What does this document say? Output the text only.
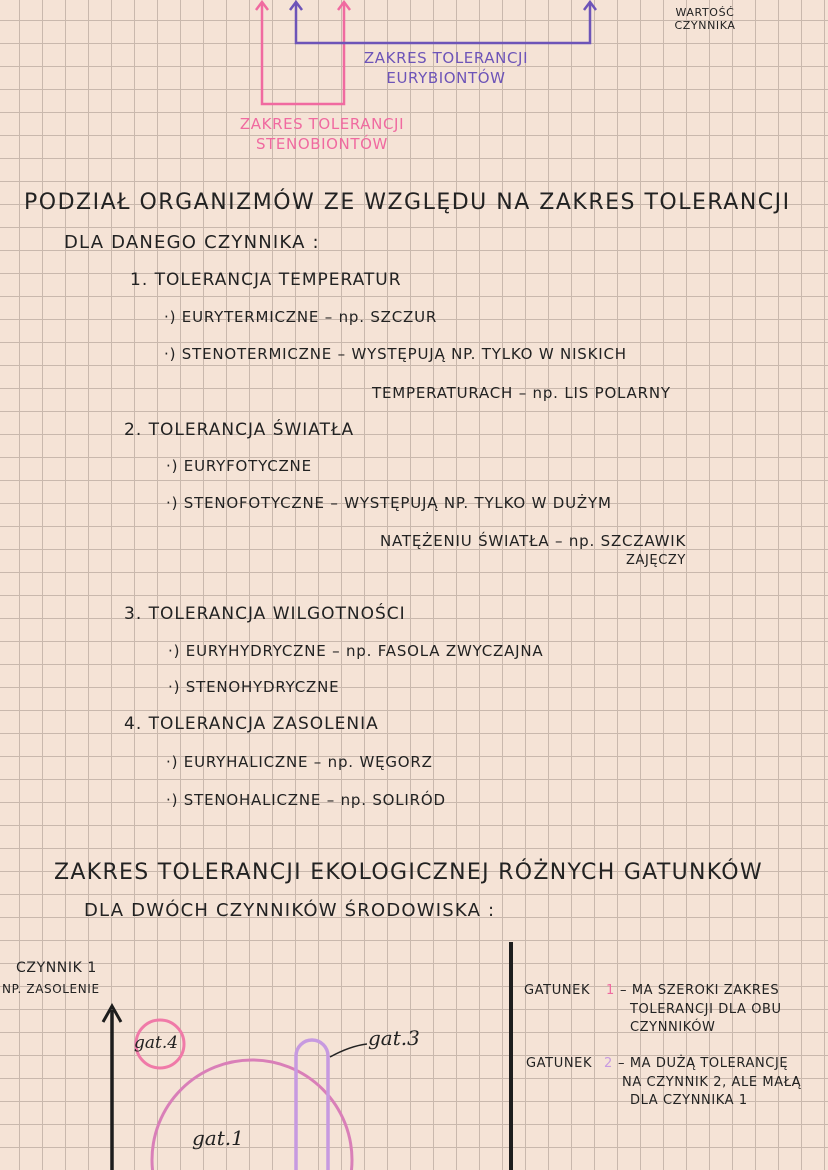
WARTOŚĆ CZYNNIKA
ZAKRES TOLERANCJI EURYBIONTÓW
ZAKRES TOLERANCJI STENOBIONTÓW
PODZIAŁ ORGANIZMÓW ZE WZGLĘDU NA ZAKRES TOLERANCJI
DLA DANEGO CZYNNIKA :
1. TOLERANCJA TEMPERATUR
·) EURYTERMICZNE – np. SZCZUR
·) STENOTERMICZNE – WYSTĘPUJĄ NP. TYLKO W NISKICH
TEMPERATURACH – np. LIS POLARNY
2. TOLERANCJA ŚWIATŁA
·) EURYFOTYCZNE
·) STENOFOTYCZNE – WYSTĘPUJĄ NP. TYLKO W DUŻYM
NATĘŻENIU ŚWIATŁA – np. SZCZAWIK
ZAJĘCZY
3. TOLERANCJA WILGOTNOŚCI
·) EURYHYDRYCZNE – np. FASOLA ZWYCZAJNA
·) STENOHYDRYCZNE
4. TOLERANCJA ZASOLENIA
·) EURYHALICZNE – np. WĘGORZ
·) STENOHALICZNE – np. SOLIRÓD
ZAKRES TOLERANCJI EKOLOGICZNEJ RÓŻNYCH GATUNKÓW
DLA DWÓCH CZYNNIKÓW ŚRODOWISKA :
CZYNNIK 1
NP. ZASOLENIE
gat.4	gat.3
gat.1
GATUNEK 1 – MA SZEROKI ZAKRES
TOLERANCJI DLA OBU
CZYNNIKÓW
GATUNEK 2 – MA DUŻĄ TOLERANCJĘ
NA CZYNNIK 2, ALE MAŁĄ
DLA CZYNNIKA 1
